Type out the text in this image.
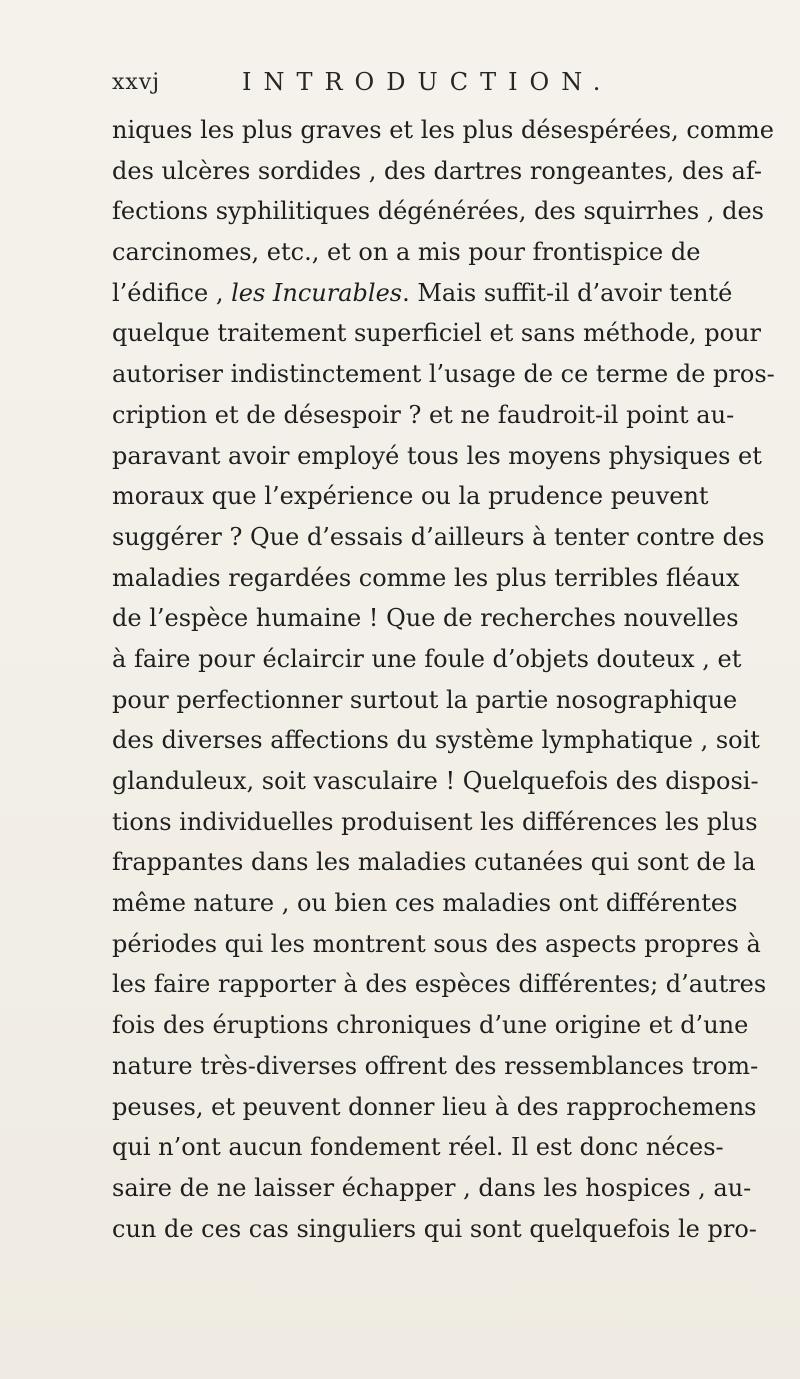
xxvj	INTRODUCTION.
niques les plus graves et les plus désespérées, comme
des ulcères sordides , des dartres rongeantes, des af-
fections syphilitiques dégénérées, des squirrhes , des
carcinomes, etc., et on a mis pour frontispice de
l’édifice , les Incurables. Mais suffit-il d’avoir tenté
quelque traitement superficiel et sans méthode, pour
autoriser indistinctement l’usage de ce terme de pros-
cription et de désespoir ? et ne faudroit-il point au-
paravant avoir employé tous les moyens physiques et
moraux que l’expérience ou la prudence peuvent
suggérer ? Que d’essais d’ailleurs à tenter contre des
maladies regardées comme les plus terribles fléaux
de l’espèce humaine ! Que de recherches nouvelles
à faire pour éclaircir une foule d’objets douteux , et
pour perfectionner surtout la partie nosographique
des diverses affections du système lymphatique , soit
glanduleux, soit vasculaire ! Quelquefois des disposi-
tions individuelles produisent les différences les plus
frappantes dans les maladies cutanées qui sont de la
même nature , ou bien ces maladies ont différentes
périodes qui les montrent sous des aspects propres à
les faire rapporter à des espèces différentes; d’autres
fois des éruptions chroniques d’une origine et d’une
nature très-diverses offrent des ressemblances trom-
peuses, et peuvent donner lieu à des rapprochemens
qui n’ont aucun fondement réel. Il est donc néces-
saire de ne laisser échapper , dans les hospices , au-
cun de ces cas singuliers qui sont quelquefois le pro-
